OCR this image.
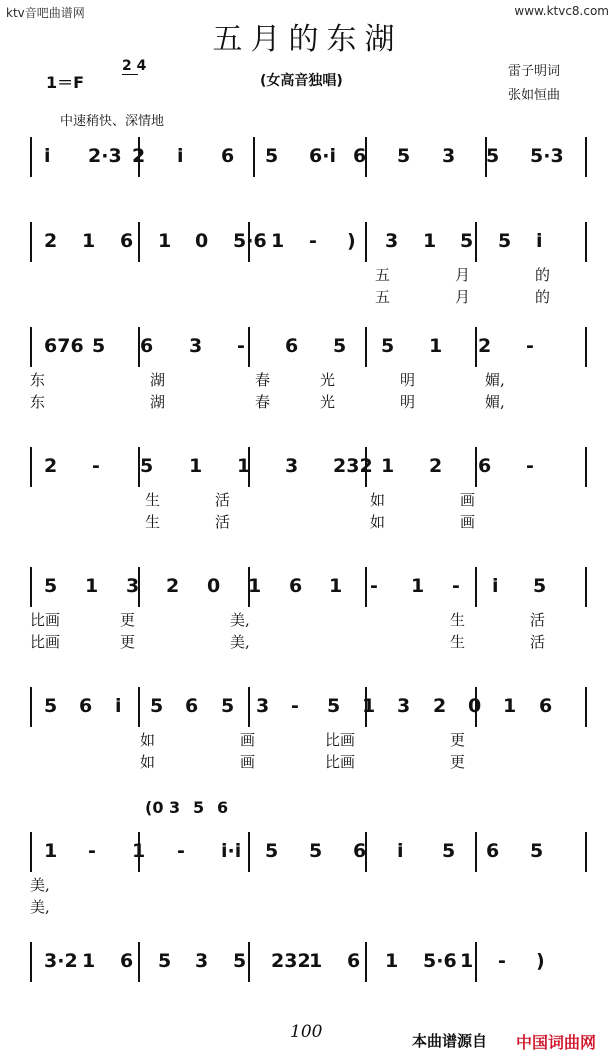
ktv音吧曲谱网	www.ktvc8.com
五月的东湖
1＝F
2 4
(女高音独唱)
雷子明词
张如恒曲
中速稍快、深情地
i 2·3 2 i 6 5 6·i 6 5 3 5 5·3
2 1 6 1 0 5·6 1 - ) 3 1 5 5 i
五	月	的
五	月	的
676 5 6 3 - 6 5 5 1 2 -
东	湖	春	光	明	媚,
东	湖	春	光	明	媚,
2 - 5 1 1 3 232 1 2 6 -
生	活	如	画
生	活	如	画
5 1 3 2 0 1 6 1 - 1 - i 5
比画	更	美,	生	活
比画	更	美,	生	活
5 6 i 5 6 5 3 - 5 1 3 2 0 1 6
如	画	比画	更
如	画	比画	更
(0 3 5 6
1 - 1 - i·i 5 5 6 i 5 6 5
美,
美,
3·2 1 6 5 3 5 232
1 6 1 5·6 1 - )
100	本曲谱源自 中国词曲网
